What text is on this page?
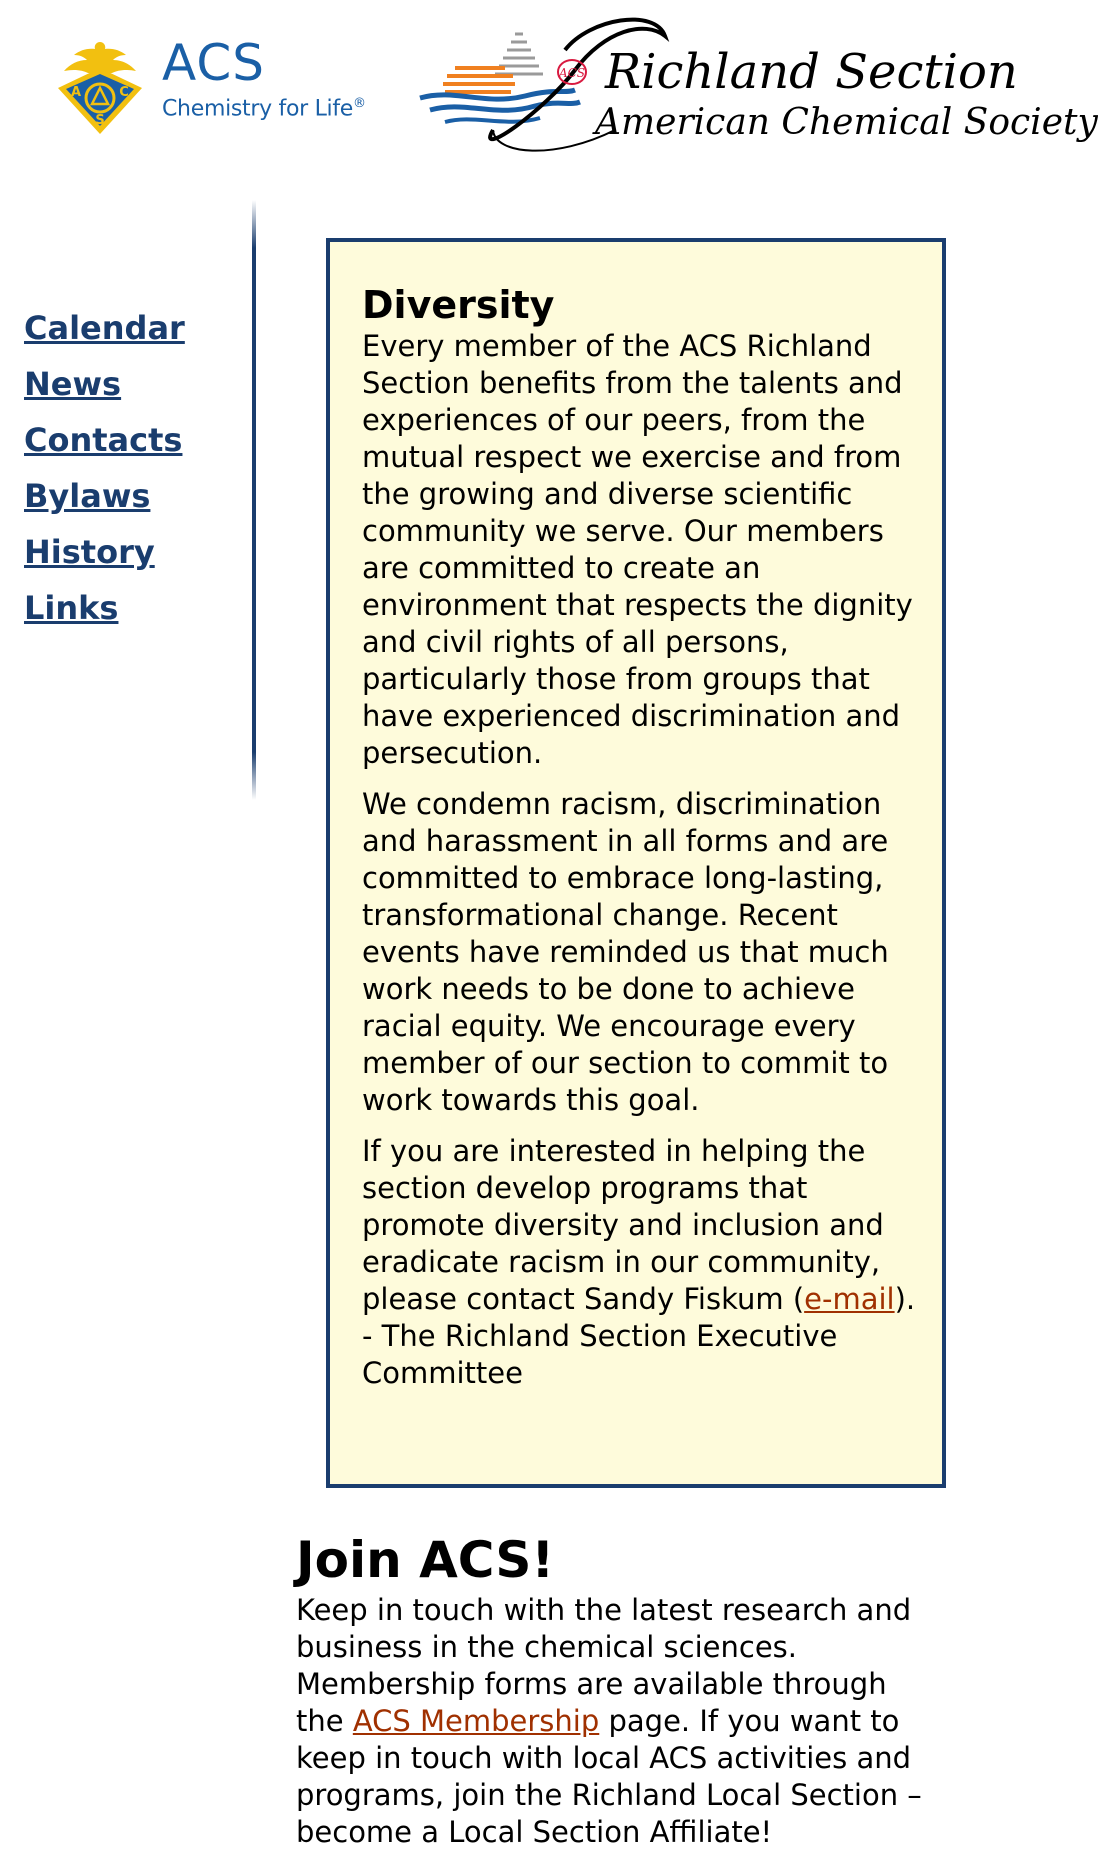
A	C
S
ACS
Chemistry for Life®
ACS Richland Section
American Chemical Society
Calendar
News
Contacts
Bylaws
History
Links
Diversity

Every member of the ACS Richland Section benefits from the talents and experiences of our peers, from the mutual respect we exercise and from the growing and diverse scientific community we serve. Our members are committed to create an environment that respects the dignity and civil rights of all persons, particularly those from groups that have experienced discrimination and persecution.

We condemn racism, discrimination and harassment in all forms and are committed to embrace long-lasting, transformational change. Recent events have reminded us that much work needs to be done to achieve racial equity. We encourage every member of our section to commit to work towards this goal.

If you are interested in helping the section develop programs that promote diversity and inclusion and eradicate racism in our community, please contact Sandy Fiskum (e-mail).
- The Richland Section Executive Committee

Join ACS!

Keep in touch with the latest research and business in the chemical sciences. Membership forms are available through the ACS Membership page. If you want to keep in touch with local ACS activities and programs, join the Richland Local Section – become a Local Section Affiliate!
